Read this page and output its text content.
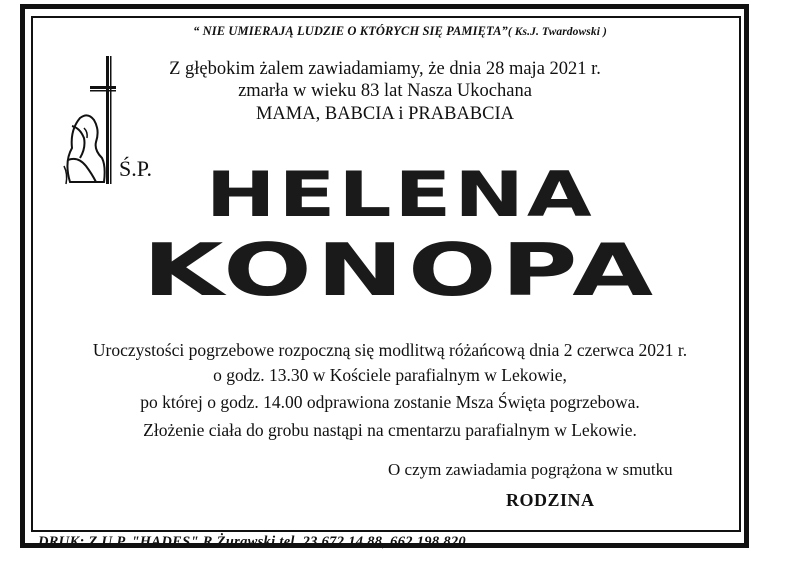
“ NIE UMIERAJĄ LUDZIE O KTÓRYCH SIĘ PAMIĘTA”( Ks.J. Twardowski )
Z głębokim żalem zawiadamiamy, że dnia 28 maja 2021 r.
zmarła w wieku 83 lat Nasza Ukochana
MAMA, BABCIA i PRABABCIA
Ś.P. HELENA
KONOPA
Uroczystości pogrzebowe rozpoczną się modlitwą różańcową dnia 2 czerwca 2021 r.
o godz. 13.30 w Kościele parafialnym w Lekowie,
po której o godz. 14.00 odprawiona zostanie Msza Święta pogrzebowa.
Złożenie ciała do grobu nastąpi na cmentarzu parafialnym w Lekowie.
O czym zawiadamia pogrążona w smutku
RODZINA
DRUK: Z.U.P. "HADES" R.Żurawski tel. 23 672 14 88, 662 198 820
